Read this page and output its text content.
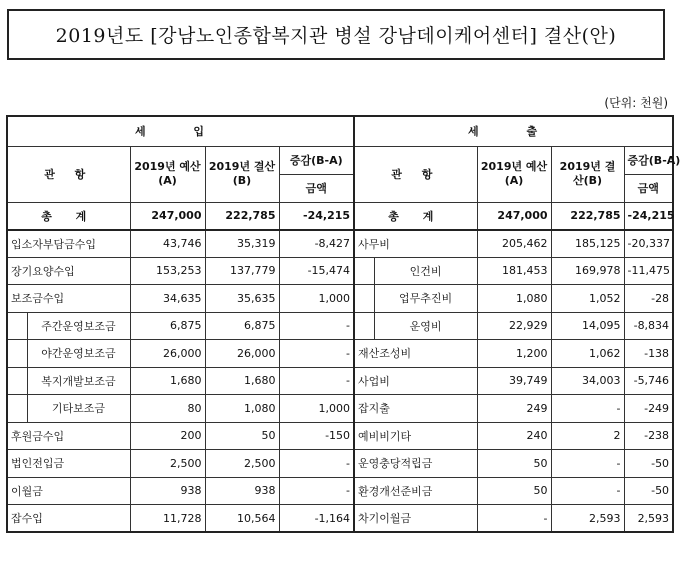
2019년도 [강남노인종합복지관 병설 강남데이케어센터] 결산(안)
(단위: 천원)
세 입					세 출				
관 항		2019년 예산(A)	2019년 결산(B)	증감(B-A)	관 항		2019년 예산(A)	2019년 결산(B)	증감(B-A)
				금액					금액
총 계		247,000	222,785	-24,215	총 계		247,000	222,785	-24,215
입소자부담금수입		43,746	35,319	-8,427	사무비		205,462	185,125	-20,337
장기요양수입		153,253	137,779	-15,474		인건비	181,453	169,978	-11,475
보조금수입		34,635	35,635	1,000		업무추진비	1,080	1,052	-28
	주간운영보조금	6,875	6,875	-		운영비	22,929	14,095	-8,834
	야간운영보조금	26,000	26,000	-	재산조성비		1,200	1,062	-138
	복지개발보조금	1,680	1,680	-	사업비		39,749	34,003	-5,746
	기타보조금	80	1,080	1,000	잡지출		249	-	-249
후원금수입		200	50	-150	예비비기타		240	2	-238
법인전입금		2,500	2,500	-	운영충당적립금		50	-	-50
이월금		938	938	-	환경개선준비금		50	-	-50
잡수입		11,728	10,564	-1,164	차기이월금		-	2,593	2,593
